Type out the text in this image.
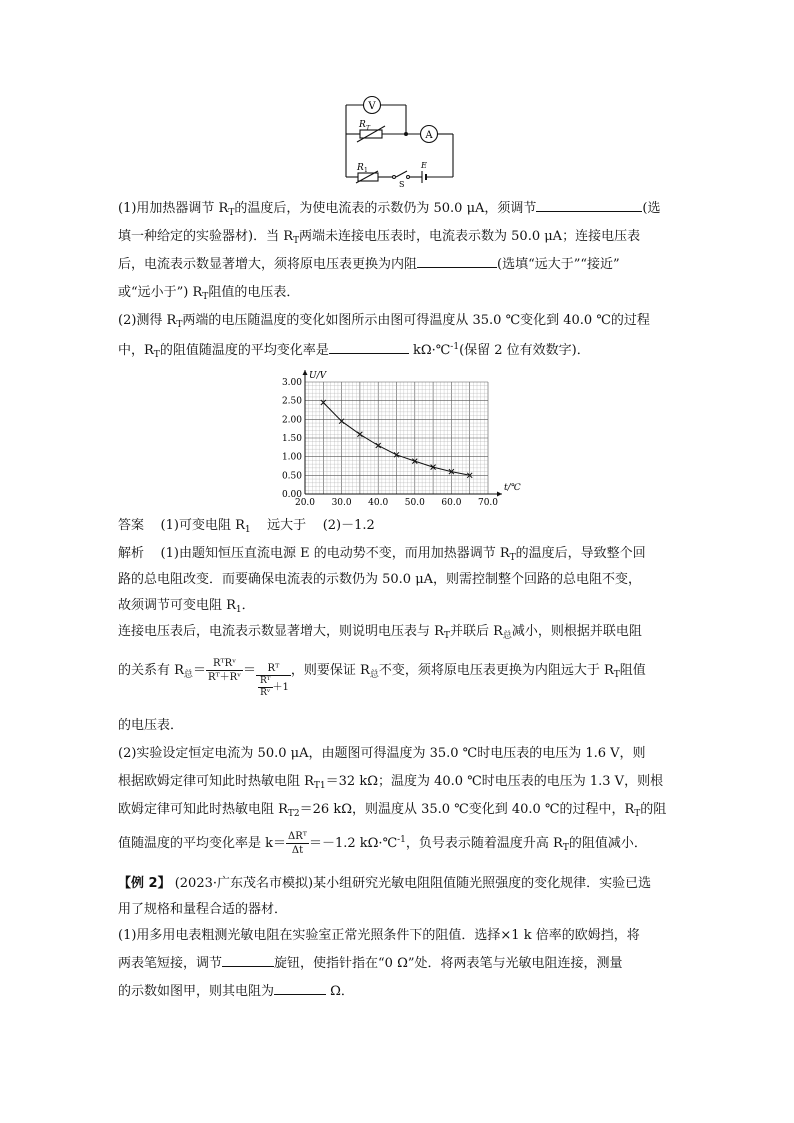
V
A
R T
R 1
S
E
(1)用加热器调节 $R_T$的温度后，为使电流表的示数仍为 50.0 μA，须调节	(选
填一种给定的实验器材)．当 $R_T$两端未连接电压表时，电流表示数为 50.0 μA；连接电压表
后，电流表示数显著增大，须将原电压表更换为内阻	(选填“远大于”“接近”
或“远小于”) $R_T$阻值的电压表．
(2)测得 $R_T$两端的电压随温度的变化如图所示由图可得温度从 35.0 ℃变化到 40.0 ℃的过程
中，$R_T$的阻值随温度的平均变化率是	kΩ·℃$^{-1}$(保留 2 位有效数字)．
20.0 30.0 40.0 50.0 60.0 70.0
0.00
0.50
1.00
1.50
2.00
2.50
3.00
t/℃
U/V
答案 (1)可变电阻 $R_1$ 远大于 (2)－1.2
解析 (1)由题知恒压直流电源 E 的电动势不变，而用加热器调节 $R_T$的温度后，导致整个回
路的总电阻改变．而要确保电流表的示数仍为 50.0 μA，则需控制整个回路的总电阻不变，
故须调节可变电阻 $R_1$．
连接电压表后，电流表示数显著增大，则说明电压表与 $R_T$并联后 $R_总$减小，则根据并联电阻
的关系有 $R_总=$ RᵀRᵛ
Rᵀ＋Rᵛ ＝	Rᵀ
$\frac{\text{Rᵀ}}{\text{Rᵛ}} +1$
，则要保证 $R_总$不变，须将原电压表更换为内阻远大于 $R_T$阻值
的电压表．
(2)实验设定恒定电流为 50.0 μA，由题图可得温度为 35.0 ℃时电压表的电压为 1.6 V，则
根据欧姆定律可知此时热敏电阻 $R_{T1}=32$ kΩ；温度为 40.0 ℃时电压表的电压为 1.3 V，则根
欧姆定律可知此时热敏电阻 $R_{T2}=26$ kΩ，则温度从 35.0 ℃变化到 40.0 ℃的过程中，$R_T$的阻
值随温度的平均变化率是 k＝ ΔRᵀ
Δt ＝－1.2 kΩ·℃$^{-1}$，负号表示随着温度升高 $R_T$的阻值减小．
【例 2】 (2023·广东茂名市模拟)某小组研究光敏电阻阻值随光照强度的变化规律．实验已选
用了规格和量程合适的器材．
(1)用多用电表粗测光敏电阻在实验室正常光照条件下的阻值．选择×1 k 倍率的欧姆挡，将
两表笔短接，调节	旋钮，使指针指在“0 Ω”处．将两表笔与光敏电阻连接，测量
的示数如图甲，则其电阻为	Ω．
